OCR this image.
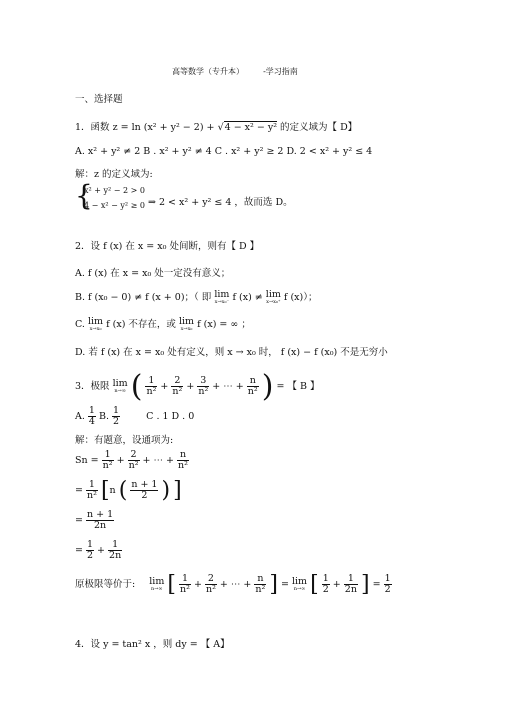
高等数学（专升本） -学习指南
一、选择题
1．函数 z = ln (x² + y² − 2) + √4 − x² − y² 的定义域为【 D】
A. x² + y² ≠ 2 B . x² + y² ≠ 4 C . x² + y² ≥ 2 D. 2 < x² + y² ≤ 4
解：z 的定义域为:
{
x² + y² − 2 > 0
4 − x² − y² ≥ 0 ⇒ 2 < x² + y² ≤ 4 ，故而选 D。
2．设 f (x) 在 x = x₀ 处间断，则有【 D 】
A. f (x) 在 x = x₀ 处一定没有意义；
B. f (x₀ − 0) ≠ f (x + 0)；（ 即 lim
x→x₀⁻ f (x) ≠ lim
x→x₀⁺ f (x)）；
C. lim
x→x₀ f (x) 不存在，或 lim
x→x₀ f (x) = ∞ ；
D. 若 f (x) 在 x = x₀ 处有定义，则 x → x₀ 时， f (x) − f (x₀) 不是无穷小
3．极限 lim
n→∞ ( $\frac{1}{\text{n²}} + \frac{2}{\text{n²}} + \frac{3}{\text{n²}}$ + ⋯ + $\frac{n}{\text{n²}}$ ) = 【 B 】
A. $\frac{1}{4} B$. $\frac{1}{2}$	C . 1 D . 0
解：有题意，设通项为:
$Sn = \frac{1}{\text{n²}} + \frac{2}{\text{n²}}$ + ⋯ + $\frac{n}{\text{n²}}$
= $\frac{1}{\text{n²}} [n$ ( $\frac{n + 1}{2}$ ) ]
= $\frac{n + 1}{2n}$
= $\frac{1}{2} + \frac{1}{2n}$
原极限等价于: lim
n→∞ [ $\frac{1}{\text{n²}} + \frac{2}{\text{n²}}$ + ⋯ + $\frac{n}{\text{n²}}$ ] = lim
n→∞ [ $\frac{1}{2} + \frac{1}{2n}$ ] = $\frac{1}{2}$
4．设 y = tan² x ，则 dy = 【 A】
